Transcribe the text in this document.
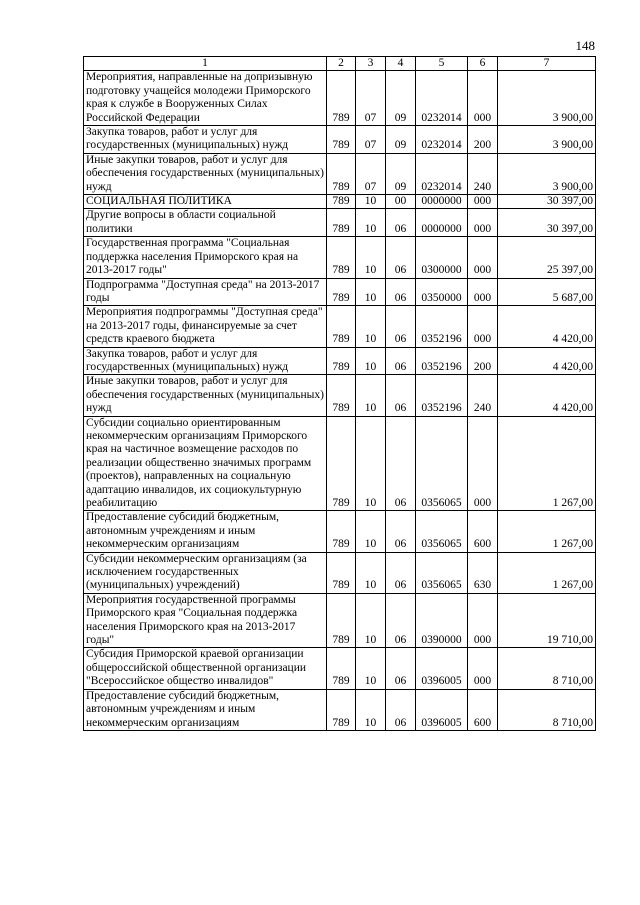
148
1	2	3	4	5	6	7
Мероприятия, направленные на допризывную подготовку учащейся молодежи Приморского края к службе в Вооруженных Силах Российской Федерации	789	07	09	0232014	000	3 900,00
Закупка товаров, работ и услуг для государственных (муниципальных) нужд	789	07	09	0232014	200	3 900,00
Иные закупки товаров, работ и услуг для обеспечения государственных (муниципальных) нужд	789	07	09	0232014	240	3 900,00
СОЦИАЛЬНАЯ ПОЛИТИКА	789	10	00	0000000	000	30 397,00
Другие вопросы в области социальной политики	789	10	06	0000000	000	30 397,00
Государственная программа "Социальная поддержка населения Приморского края на 2013-2017 годы"	789	10	06	0300000	000	25 397,00
Подпрограмма "Доступная среда" на 2013-2017 годы	789	10	06	0350000	000	5 687,00
Мероприятия подпрограммы "Доступная среда" на 2013-2017 годы, финансируемые за счет средств краевого бюджета	789	10	06	0352196	000	4 420,00
Закупка товаров, работ и услуг для государственных (муниципальных) нужд	789	10	06	0352196	200	4 420,00
Иные закупки товаров, работ и услуг для обеспечения государственных (муниципальных) нужд	789	10	06	0352196	240	4 420,00
Субсидии социально ориентированным некоммерческим организациям Приморского края на частичное возмещение расходов по реализации общественно значимых программ (проектов), направленных на социальную адаптацию инвалидов, их социокультурную реабилитацию	789	10	06	0356065	000	1 267,00
Предоставление субсидий бюджетным, автономным учреждениям и иным некоммерческим организациям	789	10	06	0356065	600	1 267,00
Субсидии некоммерческим организациям (за исключением государственных (муниципальных) учреждений)	789	10	06	0356065	630	1 267,00
Мероприятия государственной программы Приморского края "Социальная поддержка населения Приморского края на 2013-2017 годы"	789	10	06	0390000	000	19 710,00
Субсидия Приморской краевой организации общероссийской общественной организации "Всероссийское общество инвалидов"	789	10	06	0396005	000	8 710,00
Предоставление субсидий бюджетным, автономным учреждениям и иным некоммерческим организациям	789	10	06	0396005	600	8 710,00
